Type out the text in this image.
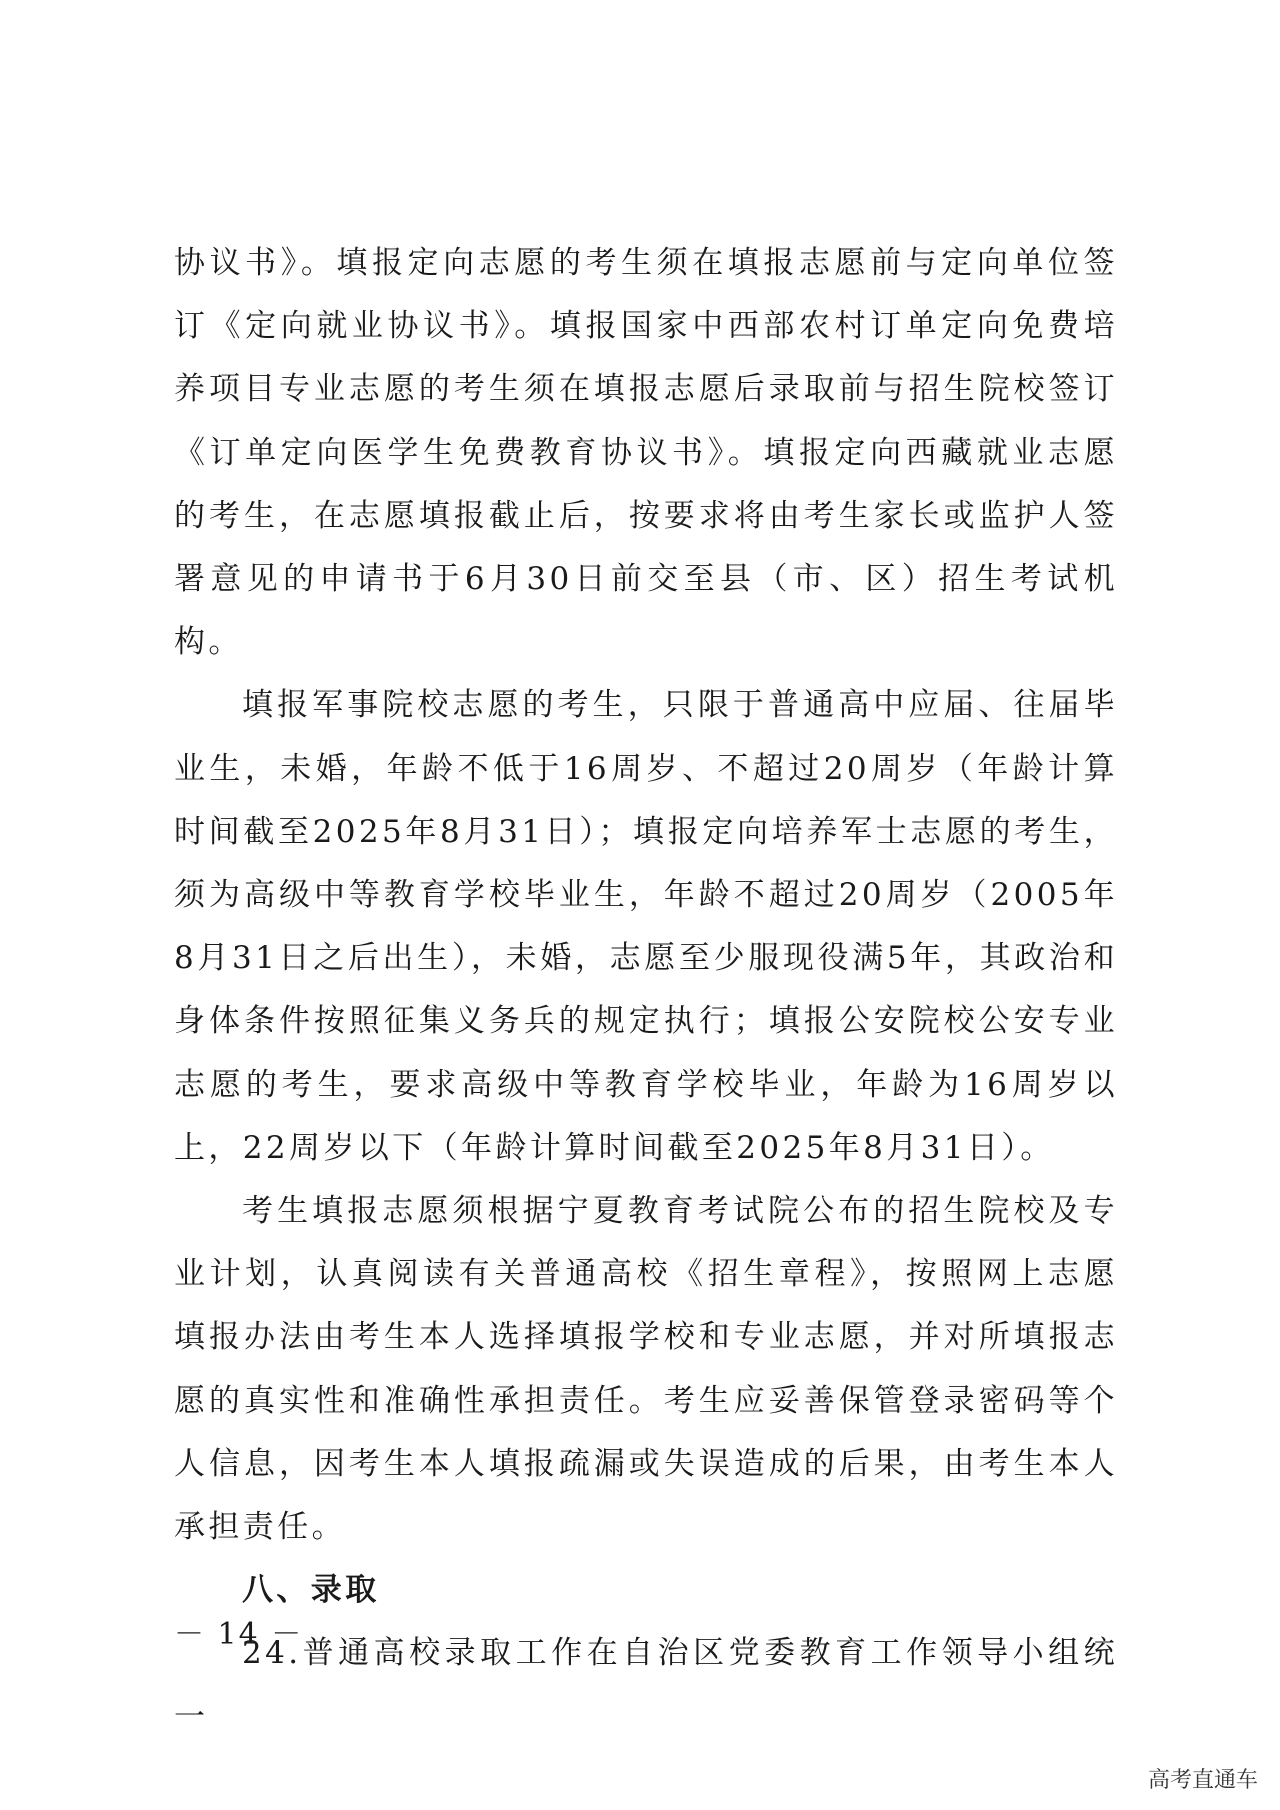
协议书》。填报定向志愿的考生须在填报志愿前与定向单位签订《定向就业协议书》。填报国家中西部农村订单定向免费培养项目专业志愿的考生须在填报志愿后录取前与招生院校签订《订单定向医学生免费教育协议书》。填报定向西藏就业志愿的考生，在志愿填报截止后，按要求将由考生家长或监护人签署意见的申请书于6月30日前交至县（市、区）招生考试机构。

填报军事院校志愿的考生，只限于普通高中应届、往届毕业生，未婚，年龄不低于16周岁、不超过20周岁（年龄计算时间截至2025年8月31日）；填报定向培养军士志愿的考生，须为高级中等教育学校毕业生，年龄不超过20周岁（2005年8月31日之后出生），未婚，志愿至少服现役满5年，其政治和身体条件按照征集义务兵的规定执行；填报公安院校公安专业志愿的考生，要求高级中等教育学校毕业，年龄为16周岁以上，22周岁以下（年龄计算时间截至2025年8月31日）。

考生填报志愿须根据宁夏教育考试院公布的招生院校及专业计划，认真阅读有关普通高校《招生章程》，按照网上志愿填报办法由考生本人选择填报学校和专业志愿，并对所填报志愿的真实性和准确性承担责任。考生应妥善保管登录密码等个人信息，因考生本人填报疏漏或失误造成的后果，由考生本人承担责任。

八、录取

24.普通高校录取工作在自治区党委教育工作领导小组统一

－ 14 －
高考直通车
